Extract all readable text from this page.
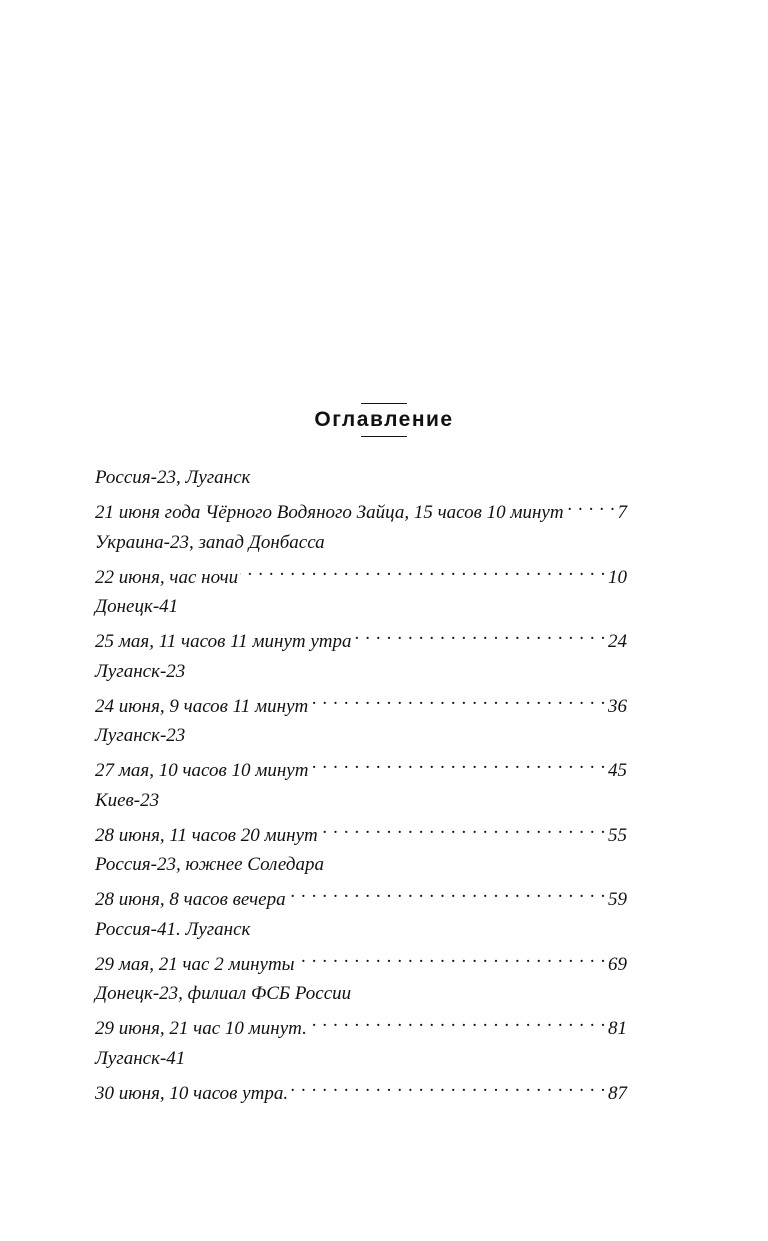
Оглавление
Россия-23, Луганск
21 июня года Чёрного Водяного Зайца, 15 часов 10 минут . . .	7
Украина-23, запад Донбасса
22 июня, час ночи . . .	10
Донецк-41
25 мая, 11 часов 11 минут утра . . .	24
Луганск-23
24 июня, 9 часов 11 минут . . .	36
Луганск-23
27 мая, 10 часов 10 минут . . .	45
Киев-23
28 июня, 11 часов 20 минут . . .	55
Россия-23, южнее Соледара
28 июня, 8 часов вечера . . .	59
Россия-41. Луганск
29 мая, 21 час 2 минуты . . .	69
Донецк-23, филиал ФСБ России
29 июня, 21 час 10 минут. . . .	81
Луганск-41
30 июня, 10 часов утра. . . .	87
